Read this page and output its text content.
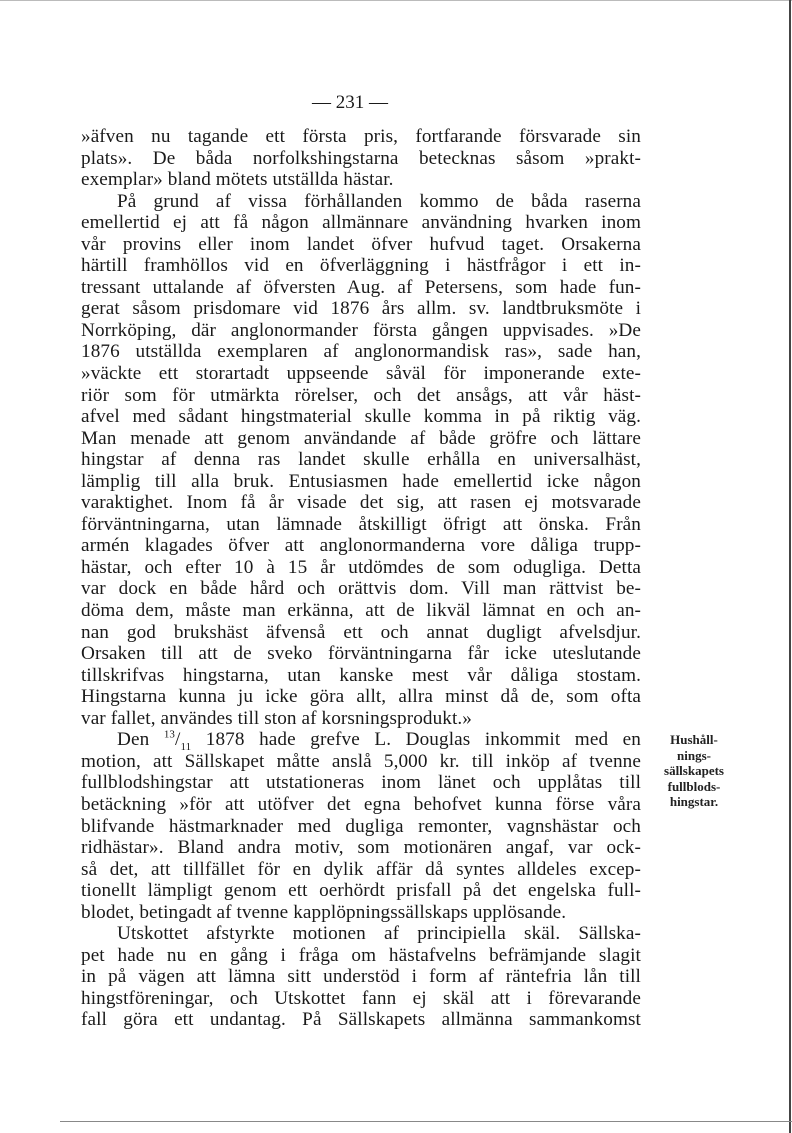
— 231 —
»äfven nu tagande ett första pris, fortfarande försvarade sin
plats». De båda norfolkshingstarna betecknas såsom »prakt-
exemplar» bland mötets utställda hästar.
På grund af vissa förhållanden kommo de båda raserna
emellertid ej att få någon allmännare användning hvarken inom
vår provins eller inom landet öfver hufvud taget. Orsakerna
härtill framhöllos vid en öfverläggning i hästfrågor i ett in-
tressant uttalande af öfversten Aug. af Petersens, som hade fun-
gerat såsom prisdomare vid 1876 års allm. sv. landtbruksmöte i
Norrköping, där anglonormander första gången uppvisades. »De
1876 utställda exemplaren af anglonormandisk ras», sade han,
»väckte ett storartadt uppseende såväl för imponerande exte-
riör som för utmärkta rörelser, och det ansågs, att vår häst-
afvel med sådant hingstmaterial skulle komma in på riktig väg.
Man menade att genom användande af både gröfre och lättare
hingstar af denna ras landet skulle erhålla en universalhäst,
lämplig till alla bruk. Entusiasmen hade emellertid icke någon
varaktighet. Inom få år visade det sig, att rasen ej motsvarade
förväntningarna, utan lämnade åtskilligt öfrigt att önska. Från
armén klagades öfver att anglonormanderna vore dåliga trupp-
hästar, och efter 10 à 15 år utdömdes de som odugliga. Detta
var dock en både hård och orättvis dom. Vill man rättvist be-
döma dem, måste man erkänna, att de likväl lämnat en och an-
nan god brukshäst äfvenså ett och annat dugligt afvelsdjur.
Orsaken till att de sveko förväntningarna får icke uteslutande
tillskrifvas hingstarna, utan kanske mest vår dåliga stostam.
Hingstarna kunna ju icke göra allt, allra minst då de, som ofta
var fallet, användes till ston af korsningsprodukt.»
Den $^{13}/_{11}$ 1878 hade grefve L. Douglas inkommit med en
motion, att Sällskapet måtte anslå 5,000 kr. till inköp af tvenne
fullblodshingstar att utstationeras inom länet och upplåtas till
betäckning »för att utöfver det egna behofvet kunna förse våra
blifvande hästmarknader med dugliga remonter, vagnshästar och
ridhästar». Bland andra motiv, som motionären angaf, var ock-
så det, att tillfället för en dylik affär då syntes alldeles excep-
tionellt lämpligt genom ett oerhördt prisfall på det engelska full-
blodet, betingadt af tvenne kapplöpningssällskaps upplösande.
Utskottet afstyrkte motionen af principiella skäl. Sällska-
pet hade nu en gång i fråga om hästafvelns befrämjande slagit
in på vägen att lämna sitt understöd i form af räntefria lån till
hingstföreningar, och Utskottet fann ej skäl att i förevarande
fall göra ett undantag. På Sällskapets allmänna sammankomst
Hushåll-
nings-
sällskapets
fullblods-
hingstar.
